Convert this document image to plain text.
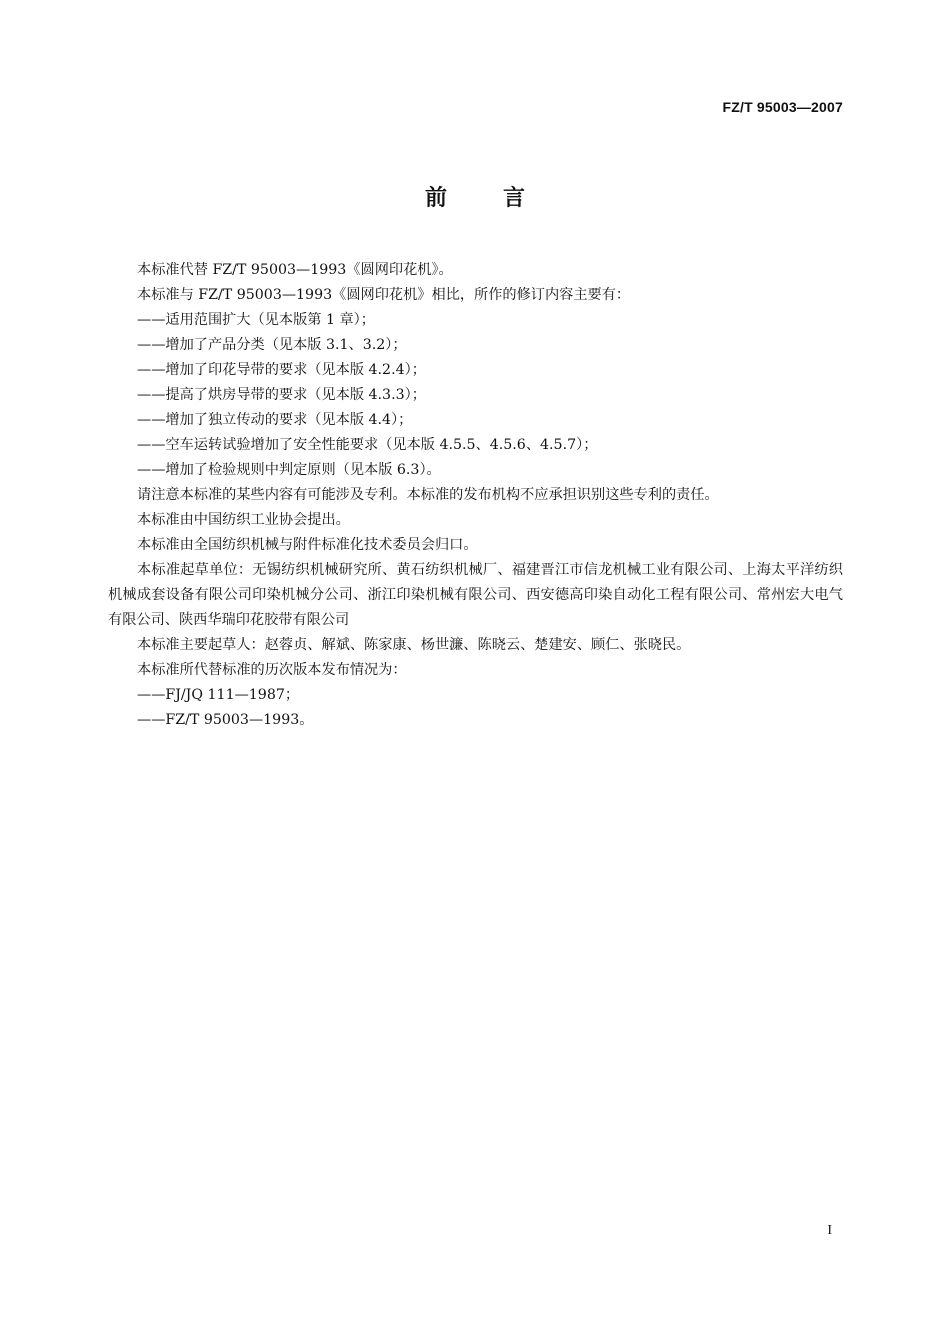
FZ/T 95003—2007
前	言

本标准代替 FZ/T 95003—1993《圆网印花机》。

本标准与 FZ/T 95003—1993《圆网印花机》相比，所作的修订内容主要有：

——适用范围扩大（见本版第 1 章）；

——增加了产品分类（见本版 3.1、3.2）；

——增加了印花导带的要求（见本版 4.2.4）；

——提高了烘房导带的要求（见本版 4.3.3）；

——增加了独立传动的要求（见本版 4.4）；

——空车运转试验增加了安全性能要求（见本版 4.5.5、4.5.6、4.5.7）；

——增加了检验规则中判定原则（见本版 6.3）。

请注意本标准的某些内容有可能涉及专利。本标准的发布机构不应承担识别这些专利的责任。

本标准由中国纺织工业协会提出。

本标准由全国纺织机械与附件标准化技术委员会归口。

本标准起草单位：无锡纺织机械研究所、黄石纺织机械厂、福建晋江市信龙机械工业有限公司、上海太平洋纺织机械成套设备有限公司印染机械分公司、浙江印染机械有限公司、西安德高印染自动化工程有限公司、常州宏大电气有限公司、陕西华瑞印花胶带有限公司

本标准主要起草人：赵蓉贞、解斌、陈家康、杨世濂、陈晓云、楚建安、顾仁、张晓民。

本标准所代替标准的历次版本发布情况为：

——FJ/JQ 111—1987；

——FZ/T 95003—1993。

I
